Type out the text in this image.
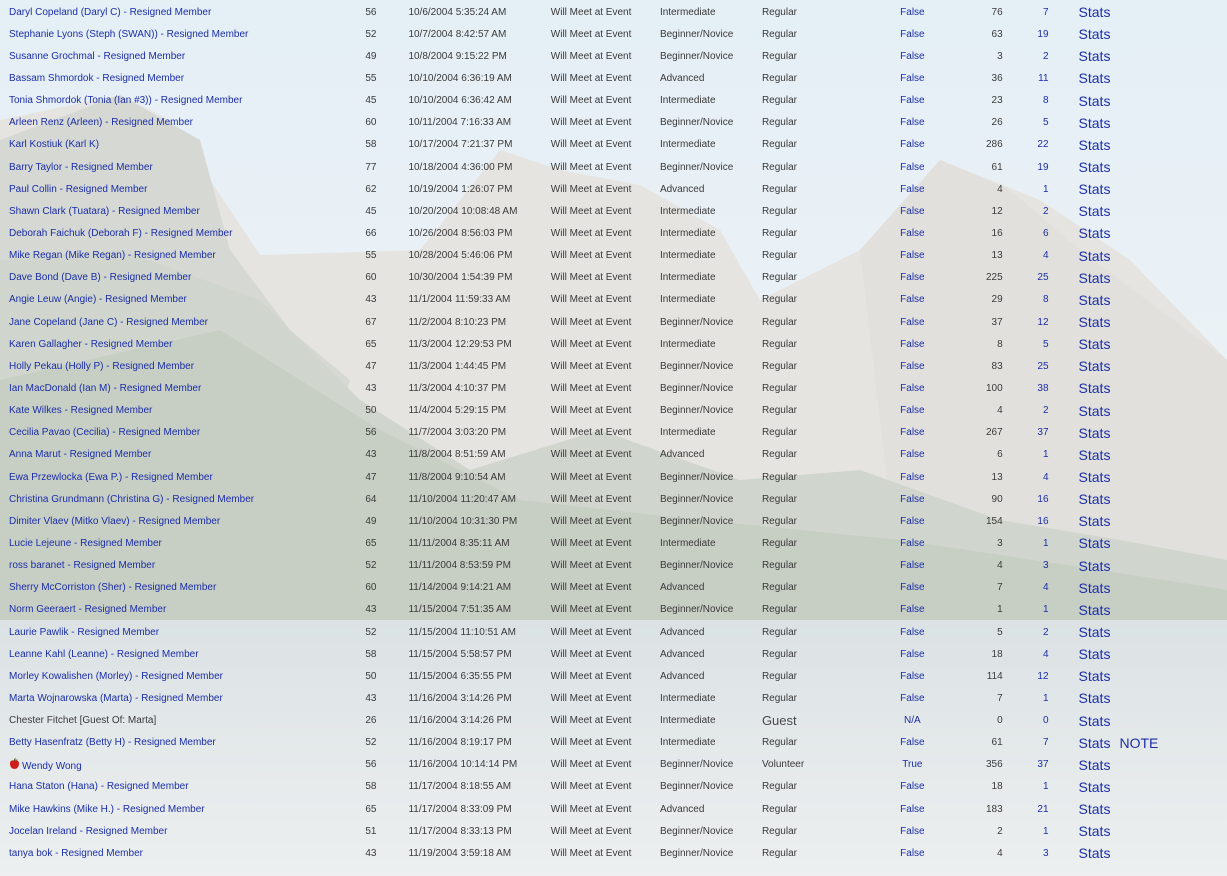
Daryl Copeland (Daryl C) - Resigned Member	56	10/6/2004 5:35:24 AM	Will Meet at Event	Intermediate	Regular	False	76	7	Stats
Stephanie Lyons (Steph (SWAN)) - Resigned Member	52	10/7/2004 8:42:57 AM	Will Meet at Event	Beginner/Novice	Regular	False	63	19	Stats
Susanne Grochmal - Resigned Member	49	10/8/2004 9:15:22 PM	Will Meet at Event	Beginner/Novice	Regular	False	3	2	Stats
Bassam Shmordok - Resigned Member	55	10/10/2004 6:36:19 AM	Will Meet at Event	Advanced	Regular	False	36	11	Stats
Tonia Shmordok (Tonia (Ian #3)) - Resigned Member	45	10/10/2004 6:36:42 AM	Will Meet at Event	Intermediate	Regular	False	23	8	Stats
Arleen Renz (Arleen) - Resigned Member	60	10/11/2004 7:16:33 AM	Will Meet at Event	Beginner/Novice	Regular	False	26	5	Stats
Karl Kostiuk (Karl K)	58	10/17/2004 7:21:37 PM	Will Meet at Event	Intermediate	Regular	False	286	22	Stats
Barry Taylor - Resigned Member	77	10/18/2004 4:36:00 PM	Will Meet at Event	Beginner/Novice	Regular	False	61	19	Stats
Paul Collin - Resigned Member	62	10/19/2004 1:26:07 PM	Will Meet at Event	Advanced	Regular	False	4	1	Stats
Shawn Clark (Tuatara) - Resigned Member	45	10/20/2004 10:08:48 AM	Will Meet at Event	Intermediate	Regular	False	12	2	Stats
Deborah Faichuk (Deborah F) - Resigned Member	66	10/26/2004 8:56:03 PM	Will Meet at Event	Intermediate	Regular	False	16	6	Stats
Mike Regan (Mike Regan) - Resigned Member	55	10/28/2004 5:46:06 PM	Will Meet at Event	Intermediate	Regular	False	13	4	Stats
Dave Bond (Dave B) - Resigned Member	60	10/30/2004 1:54:39 PM	Will Meet at Event	Intermediate	Regular	False	225	25	Stats
Angie Leuw (Angie) - Resigned Member	43	11/1/2004 11:59:33 AM	Will Meet at Event	Intermediate	Regular	False	29	8	Stats
Jane Copeland (Jane C) - Resigned Member	67	11/2/2004 8:10:23 PM	Will Meet at Event	Beginner/Novice	Regular	False	37	12	Stats
Karen Gallagher - Resigned Member	65	11/3/2004 12:29:53 PM	Will Meet at Event	Intermediate	Regular	False	8	5	Stats
Holly Pekau (Holly P) - Resigned Member	47	11/3/2004 1:44:45 PM	Will Meet at Event	Beginner/Novice	Regular	False	83	25	Stats
Ian MacDonald (Ian M) - Resigned Member	43	11/3/2004 4:10:37 PM	Will Meet at Event	Beginner/Novice	Regular	False	100	38	Stats
Kate Wilkes - Resigned Member	50	11/4/2004 5:29:15 PM	Will Meet at Event	Beginner/Novice	Regular	False	4	2	Stats
Cecilia Pavao (Cecilia) - Resigned Member	56	11/7/2004 3:03:20 PM	Will Meet at Event	Intermediate	Regular	False	267	37	Stats
Anna Marut - Resigned Member	43	11/8/2004 8:51:59 AM	Will Meet at Event	Advanced	Regular	False	6	1	Stats
Ewa Przewlocka (Ewa P.) - Resigned Member	47	11/8/2004 9:10:54 AM	Will Meet at Event	Beginner/Novice	Regular	False	13	4	Stats
Christina Grundmann (Christina G) - Resigned Member	64	11/10/2004 11:20:47 AM	Will Meet at Event	Beginner/Novice	Regular	False	90	16	Stats
Dimiter Vlaev (Mitko Vlaev) - Resigned Member	49	11/10/2004 10:31:30 PM	Will Meet at Event	Beginner/Novice	Regular	False	154	16	Stats
Lucie Lejeune - Resigned Member	65	11/11/2004 8:35:11 AM	Will Meet at Event	Intermediate	Regular	False	3	1	Stats
ross baranet - Resigned Member	52	11/11/2004 8:53:59 PM	Will Meet at Event	Beginner/Novice	Regular	False	4	3	Stats
Sherry McCorriston (Sher) - Resigned Member	60	11/14/2004 9:14:21 AM	Will Meet at Event	Advanced	Regular	False	7	4	Stats
Norm Geeraert - Resigned Member	43	11/15/2004 7:51:35 AM	Will Meet at Event	Beginner/Novice	Regular	False	1	1	Stats
Laurie Pawlik - Resigned Member	52	11/15/2004 11:10:51 AM	Will Meet at Event	Advanced	Regular	False	5	2	Stats
Leanne Kahl (Leanne) - Resigned Member	58	11/15/2004 5:58:57 PM	Will Meet at Event	Advanced	Regular	False	18	4	Stats
Morley Kowalishen (Morley) - Resigned Member	50	11/15/2004 6:35:55 PM	Will Meet at Event	Advanced	Regular	False	114	12	Stats
Marta Wojnarowska (Marta) - Resigned Member	43	11/16/2004 3:14:26 PM	Will Meet at Event	Intermediate	Regular	False	7	1	Stats
Chester Fitchet [Guest Of: Marta]	26	11/16/2004 3:14:26 PM	Will Meet at Event	Intermediate	Guest	N/A	0	0	Stats
Betty Hasenfratz (Betty H) - Resigned Member	52	11/16/2004 8:19:17 PM	Will Meet at Event	Intermediate	Regular	False	61	7	Stats NOTE
Wendy Wong	56	11/16/2004 10:14:14 PM	Will Meet at Event	Beginner/Novice	Volunteer	True	356	37	Stats
Hana Staton (Hana) - Resigned Member	58	11/17/2004 8:18:55 AM	Will Meet at Event	Beginner/Novice	Regular	False	18	1	Stats
Mike Hawkins (Mike H.) - Resigned Member	65	11/17/2004 8:33:09 PM	Will Meet at Event	Advanced	Regular	False	183	21	Stats
Jocelan Ireland - Resigned Member	51	11/17/2004 8:33:13 PM	Will Meet at Event	Beginner/Novice	Regular	False	2	1	Stats
tanya bok - Resigned Member	43	11/19/2004 3:59:18 AM	Will Meet at Event	Beginner/Novice	Regular	False	4	3	Stats
